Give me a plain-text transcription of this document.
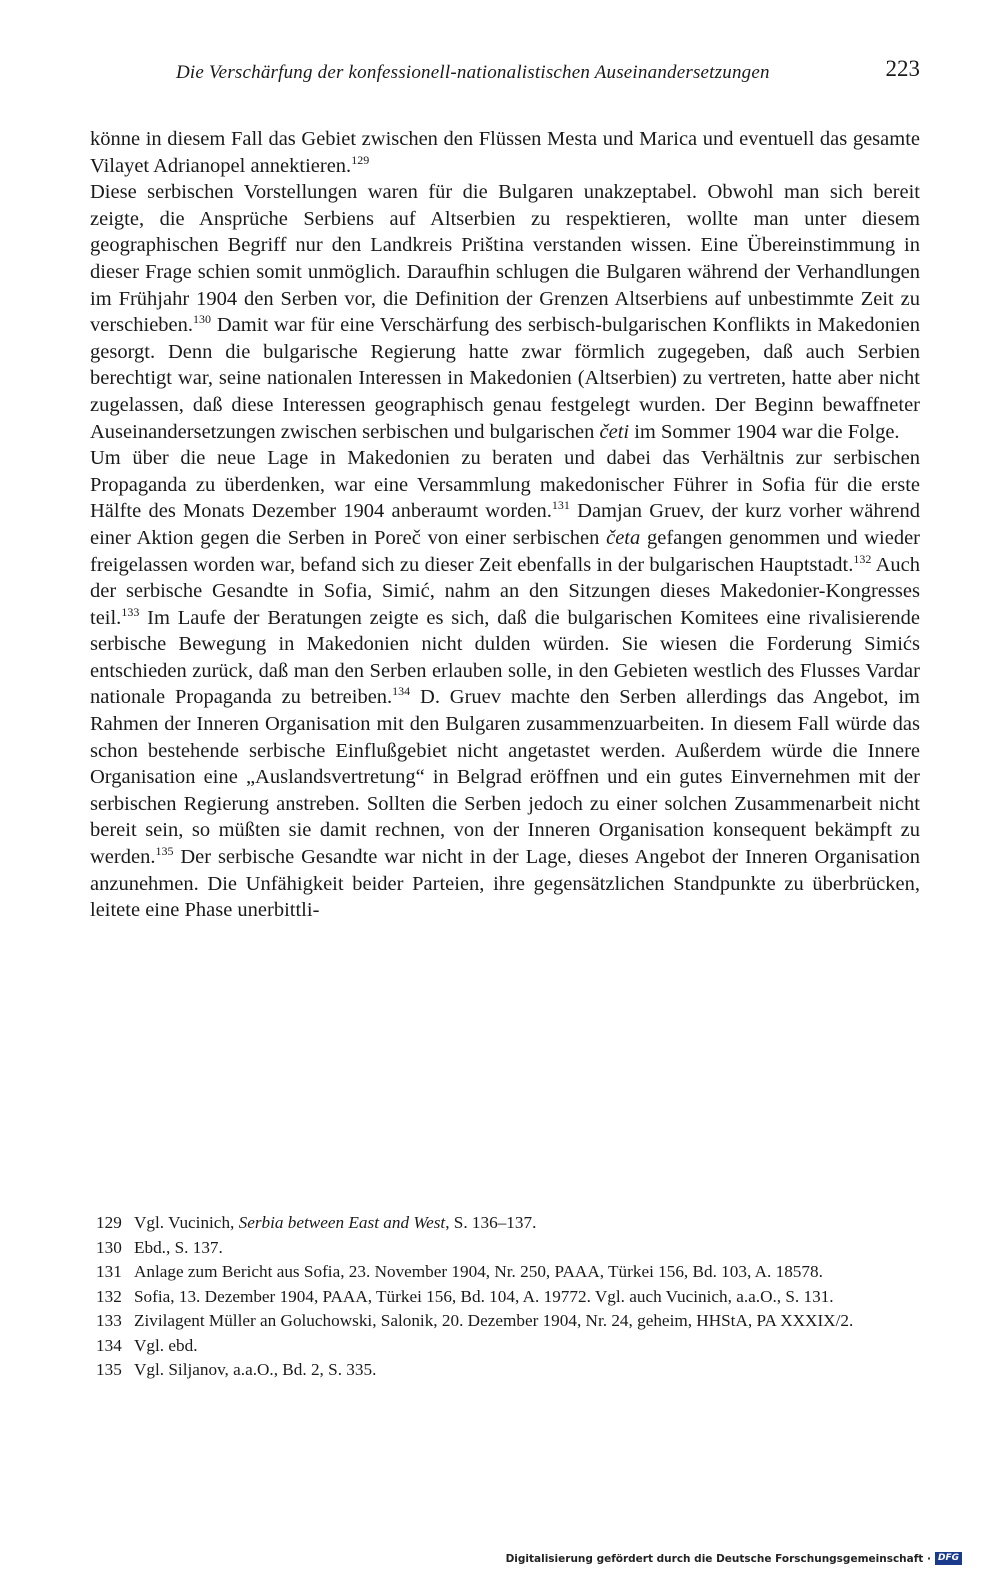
Die Verschärfung der konfessionell-nationalistischen Auseinandersetzungen	223

könne in diesem Fall das Gebiet zwischen den Flüssen Mesta und Marica und eventuell das gesamte Vilayet Adrianopel annektieren.$^{129}$

Diese serbischen Vorstellungen waren für die Bulgaren unakzeptabel. Obwohl man sich bereit zeigte, die Ansprüche Serbiens auf Altserbien zu respektieren, wollte man unter diesem geographischen Begriff nur den Landkreis Priština verstanden wissen. Eine Übereinstimmung in dieser Frage schien somit unmöglich. Daraufhin schlugen die Bulgaren während der Verhandlungen im Frühjahr 1904 den Serben vor, die Definition der Grenzen Altserbiens auf unbestimmte Zeit zu verschieben.$^{130}$ Damit war für eine Verschärfung des serbisch-bulgarischen Konflikts in Makedonien gesorgt. Denn die bulgarische Regierung hatte zwar förmlich zugegeben, daß auch Serbien berechtigt war, seine nationalen Interessen in Makedonien (Altserbien) zu vertreten, hatte aber nicht zugelassen, daß diese Interessen geographisch genau festgelegt wurden. Der Beginn bewaffneter Auseinandersetzungen zwischen serbischen und bulgarischen četi im Sommer 1904 war die Folge.

Um über die neue Lage in Makedonien zu beraten und dabei das Verhältnis zur serbischen Propaganda zu überdenken, war eine Versammlung makedonischer Führer in Sofia für die erste Hälfte des Monats Dezember 1904 anberaumt worden.$^{131}$ Damjan Gruev, der kurz vorher während einer Aktion gegen die Serben in Poreč von einer serbischen četa gefangen genommen und wieder freigelassen worden war, befand sich zu dieser Zeit ebenfalls in der bulgarischen Hauptstadt.$^{132}$ Auch der serbische Gesandte in Sofia, Simić, nahm an den Sitzungen dieses Makedonier-Kongresses teil.$^{133}$ Im Laufe der Beratungen zeigte es sich, daß die bulgarischen Komitees eine rivalisierende serbische Bewegung in Makedonien nicht dulden würden. Sie wiesen die Forderung Simićs entschieden zurück, daß man den Serben erlauben solle, in den Gebieten westlich des Flusses Vardar nationale Propaganda zu betreiben.$^{134}$ D. Gruev machte den Serben allerdings das Angebot, im Rahmen der Inneren Organisation mit den Bulgaren zusammenzuarbeiten. In diesem Fall würde das schon bestehende serbische Einflußgebiet nicht angetastet werden. Außerdem würde die Innere Organisation eine „Auslandsvertretung“ in Belgrad eröffnen und ein gutes Einvernehmen mit der serbischen Regierung anstreben. Sollten die Serben jedoch zu einer solchen Zusammenarbeit nicht bereit sein, so müßten sie damit rechnen, von der Inneren Organisation konsequent bekämpft zu werden.$^{135}$ Der serbische Gesandte war nicht in der Lage, dieses Angebot der Inneren Organisation anzunehmen. Die Unfähigkeit beider Parteien, ihre gegensätzlichen Standpunkte zu überbrücken, leitete eine Phase unerbittli-

129 Vgl. Vucinich, Serbia between East and West, S. 136–137.
130 Ebd., S. 137.
131 Anlage zum Bericht aus Sofia, 23. November 1904, Nr. 250, PAAA, Türkei 156, Bd. 103, A. 18578.
132 Sofia, 13. Dezember 1904, PAAA, Türkei 156, Bd. 104, A. 19772. Vgl. auch Vucinich, a.a.O., S. 131.
133 Zivilagent Müller an Goluchowski, Salonik, 20. Dezember 1904, Nr. 24, geheim, HHStA, PA XXXIX/2.
134 Vgl. ebd.
135 Vgl. Siljanov, a.a.O., Bd. 2, S. 335.
Digitalisierung gefördert durch die Deutsche Forschungsgemeinschaft · DFG
